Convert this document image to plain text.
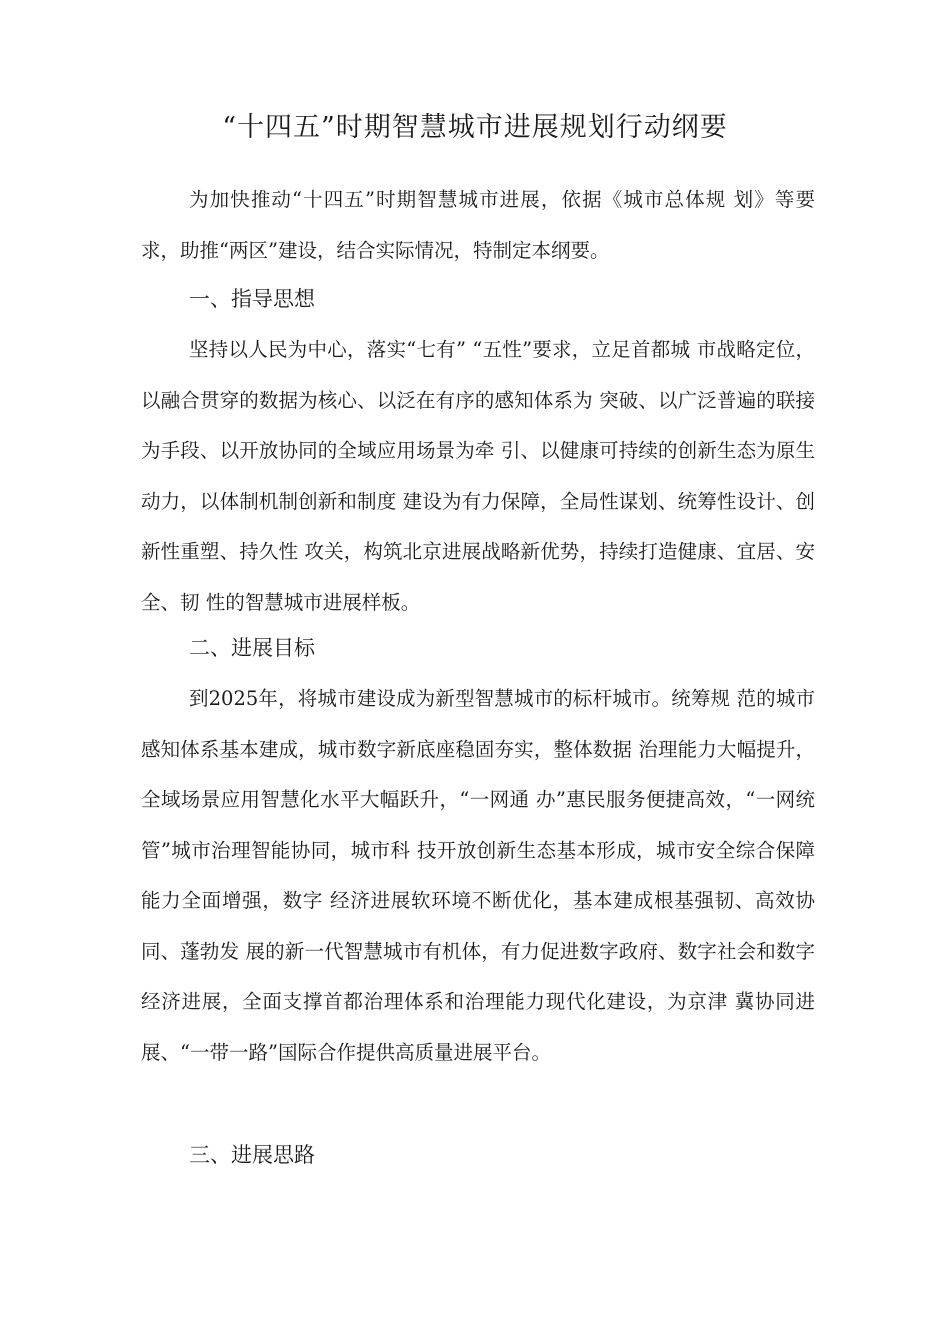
“十四五”时期智慧城市进展规划行动纲要

为加快推动“十四五”时期智慧城市进展，依据《城市总体规 划》等要求，助推“两区”建设，结合实际情况，特制定本纲要。

一、指导思想

坚持以人民为中心，落实“七有” “五性”要求，立足首都城 市战略定位，以融合贯穿的数据为核心、以泛在有序的感知体系为 突破、以广泛普遍的联接为手段、以开放协同的全域应用场景为牵 引、以健康可持续的创新生态为原生动力，以体制机制创新和制度 建设为有力保障，全局性谋划、统筹性设计、创新性重塑、持久性 攻关，构筑北京进展战略新优势，持续打造健康、宜居、安全、韧 性的智慧城市进展样板。

二、进展目标

到2025年，将城市建设成为新型智慧城市的标杆城市。统筹规 范的城市感知体系基本建成，城市数字新底座稳固夯实，整体数据 治理能力大幅提升，全域场景应用智慧化水平大幅跃升，“一网通 办”惠民服务便捷高效，“一网统管”城市治理智能协同，城市科 技开放创新生态基本形成，城市安全综合保障能力全面增强，数字 经济进展软环境不断优化，基本建成根基强韧、高效协同、蓬勃发 展的新一代智慧城市有机体，有力促进数字政府、数字社会和数字 经济进展，全面支撑首都治理体系和治理能力现代化建设，为京津 冀协同进展、“一带一路”国际合作提供高质量进展平台。

三、进展思路
